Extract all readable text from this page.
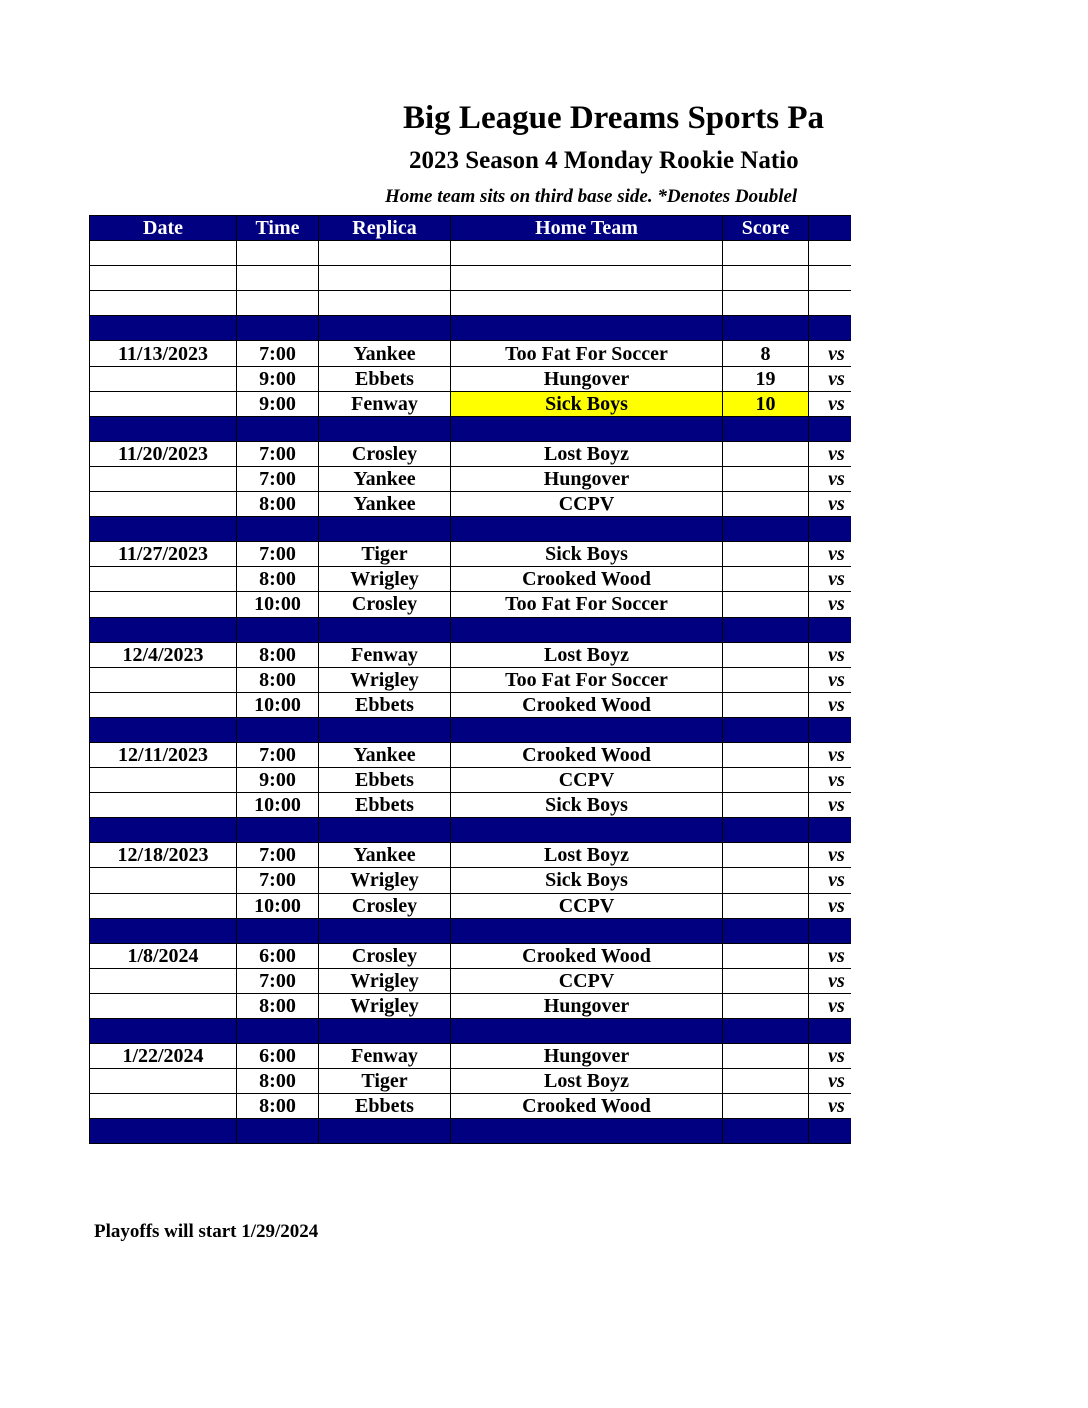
Big League Dreams Sports Pa
2023 Season 4 Monday Rookie Natio
Home team sits on third base side. *Denotes Doublel
Date	Time	Replica	Home Team	Score	

11/13/2023	7:00	Yankee	Too Fat For Soccer	8	vs
	9:00	Ebbets	Hungover	19	vs
	9:00	Fenway	Sick Boys	10	vs

11/20/2023	7:00	Crosley	Lost Boyz		vs
	7:00	Yankee	Hungover		vs
	8:00	Yankee	CCPV		vs

11/27/2023	7:00	Tiger	Sick Boys		vs
	8:00	Wrigley	Crooked Wood		vs
	10:00	Crosley	Too Fat For Soccer		vs

12/4/2023	8:00	Fenway	Lost Boyz		vs
	8:00	Wrigley	Too Fat For Soccer		vs
	10:00	Ebbets	Crooked Wood		vs

12/11/2023	7:00	Yankee	Crooked Wood		vs
	9:00	Ebbets	CCPV		vs
	10:00	Ebbets	Sick Boys		vs

12/18/2023	7:00	Yankee	Lost Boyz		vs
	7:00	Wrigley	Sick Boys		vs
	10:00	Crosley	CCPV		vs

1/8/2024	6:00	Crosley	Crooked Wood		vs
	7:00	Wrigley	CCPV		vs
	8:00	Wrigley	Hungover		vs

1/22/2024	6:00	Fenway	Hungover		vs
	8:00	Tiger	Lost Boyz		vs
	8:00	Ebbets	Crooked Wood		vs

Playoffs will start 1/29/2024
